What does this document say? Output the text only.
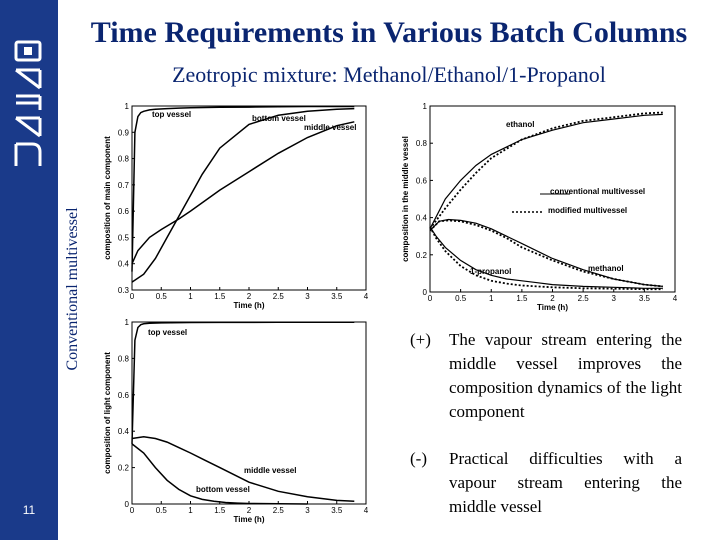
11
Time Requirements in Various Batch Columns
Zeotropic mixture: Methanol/Ethanol/1-Propanol
Conventional multivessel	0	0.5	1	1.5	2	2.5	3	3.5	4
0.3
0.4
0.5
0.6
0.7
0.8
0.9
1
Time (h)
composition of main component
top vessel	bottom vessel
middle vessel
0	0.5	1	1.5	2	2.5	3	3.5	4
0
0.2
0.4
0.6
0.8
1
Time (h)
composition in the middle vessel
ethanol
1-propanol	methanol
conventional multivessel
modified multivessel
0	0.5	1	1.5	2	2.5	3	3.5	4
0
0.2
0.4
0.6
0.8
1
Time (h)
composition of light component
top vessel
middle vessel
bottom vessel
(+)	The vapour stream entering the middle vessel improves the composition dynamics of the light component
(-)	Practical difficulties with a vapour stream entering the middle vessel
